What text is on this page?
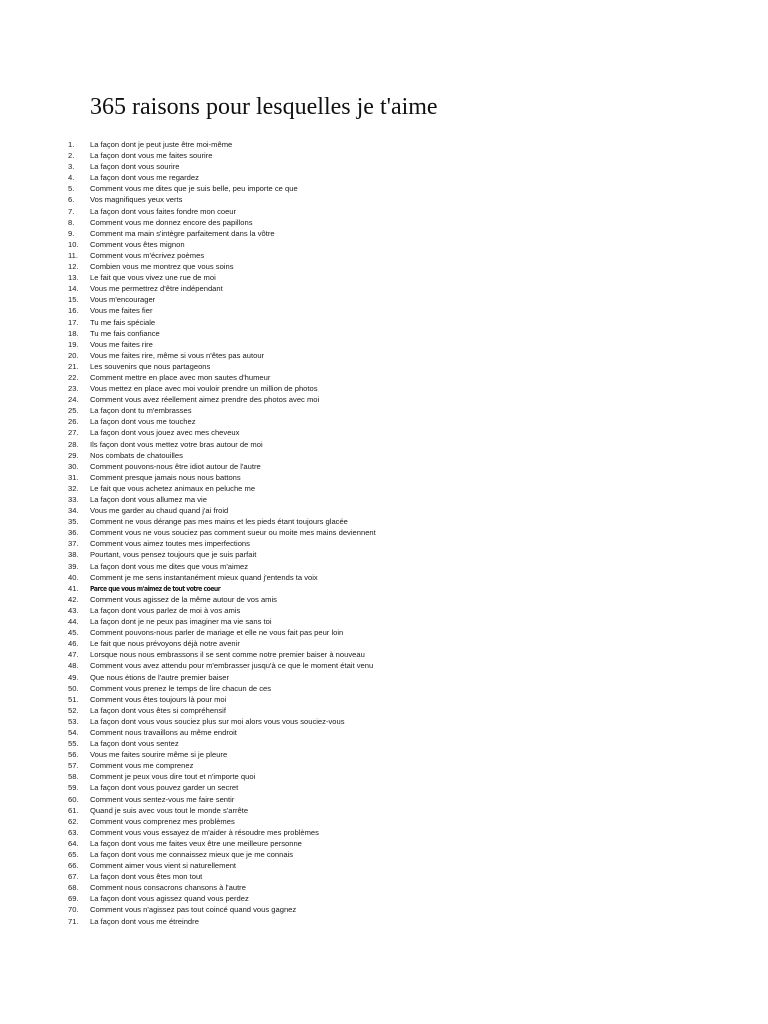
365 raisons pour lesquelles je t'aime
1. La façon dont je peut juste être moi-même
2. La façon dont vous me faites sourire
3. La façon dont vous sourire
4. La façon dont vous me regardez
5. Comment vous me dites que je suis belle, peu importe ce que
6. Vos magnifiques yeux verts
7. La façon dont vous faites fondre mon coeur
8. Comment vous me donnez encore des papillons
9. Comment ma main s'intègre parfaitement dans la vôtre
10. Comment vous êtes mignon
11. Comment vous m'écrivez poèmes
12. Combien vous me montrez que vous soins
13. Le fait que vous vivez une rue de moi
14. Vous me permettrez d'être indépendant
15. Vous m'encourager
16. Vous me faites fier
17. Tu me fais spéciale
18. Tu me fais confiance
19. Vous me faites rire
20. Vous me faites rire, même si vous n'êtes pas autour
21. Les souvenirs que nous partageons
22. Comment mettre en place avec mon sautes d'humeur
23. Vous mettez en place avec moi vouloir prendre un million de photos
24. Comment vous avez réellement aimez prendre des photos avec moi
25. La façon dont tu m'embrasses
26. La façon dont vous me touchez
27. La façon dont vous jouez avec mes cheveux
28. Ils façon dont vous mettez votre bras autour de moi
29. Nos combats de chatouilles
30. Comment pouvons-nous être idiot autour de l'autre
31. Comment presque jamais nous nous battons
32. Le fait que vous achetez animaux en peluche me
33. La façon dont vous allumez ma vie
34. Vous me garder au chaud quand j'ai froid
35. Comment ne vous dérange pas mes mains et les pieds étant toujours glacée
36. Comment vous ne vous souciez pas comment sueur ou moite mes mains deviennent
37. Comment vous aimez toutes mes imperfections
38. Pourtant, vous pensez toujours que je suis parfait
39. La façon dont vous me dites que vous m'aimez
40. Comment je me sens instantanément mieux quand j'entends ta voix
41. Parce que vous m'aimez de tout votre coeur
42. Comment vous agissez de la même autour de vos amis
43. La façon dont vous parlez de moi à vos amis
44. La façon dont je ne peux pas imaginer ma vie sans toi
45. Comment pouvons-nous parler de mariage et elle ne vous fait pas peur loin
46. Le fait que nous prévoyons déjà notre avenir
47. Lorsque nous nous embrassons il se sent comme notre premier baiser à nouveau
48. Comment vous avez attendu pour m'embrasser jusqu'à ce que le moment était venu
49. Que nous étions de l'autre premier baiser
50. Comment vous prenez le temps de lire chacun de ces
51. Comment vous êtes toujours là pour moi
52. La façon dont vous êtes si compréhensif
53. La façon dont vous vous souciez plus sur moi alors vous vous souciez-vous
54. Comment nous travaillons au même endroit
55. La façon dont vous sentez
56. Vous me faites sourire même si je pleure
57. Comment vous me comprenez
58. Comment je peux vous dire tout et n'importe quoi
59. La façon dont vous pouvez garder un secret
60. Comment vous sentez-vous me faire sentir
61. Quand je suis avec vous tout le monde s'arrête
62. Comment vous comprenez mes problèmes
63. Comment vous vous essayez de m'aider à résoudre mes problèmes
64. La façon dont vous me faites veux être une meilleure personne
65. La façon dont vous me connaissez mieux que je me connais
66. Comment aimer vous vient si naturellement
67. La façon dont vous êtes mon tout
68. Comment nous consacrons chansons à l'autre
69. La façon dont vous agissez quand vous perdez
70. Comment vous n'agissez pas tout coincé quand vous gagnez
71. La façon dont vous me étreindre
